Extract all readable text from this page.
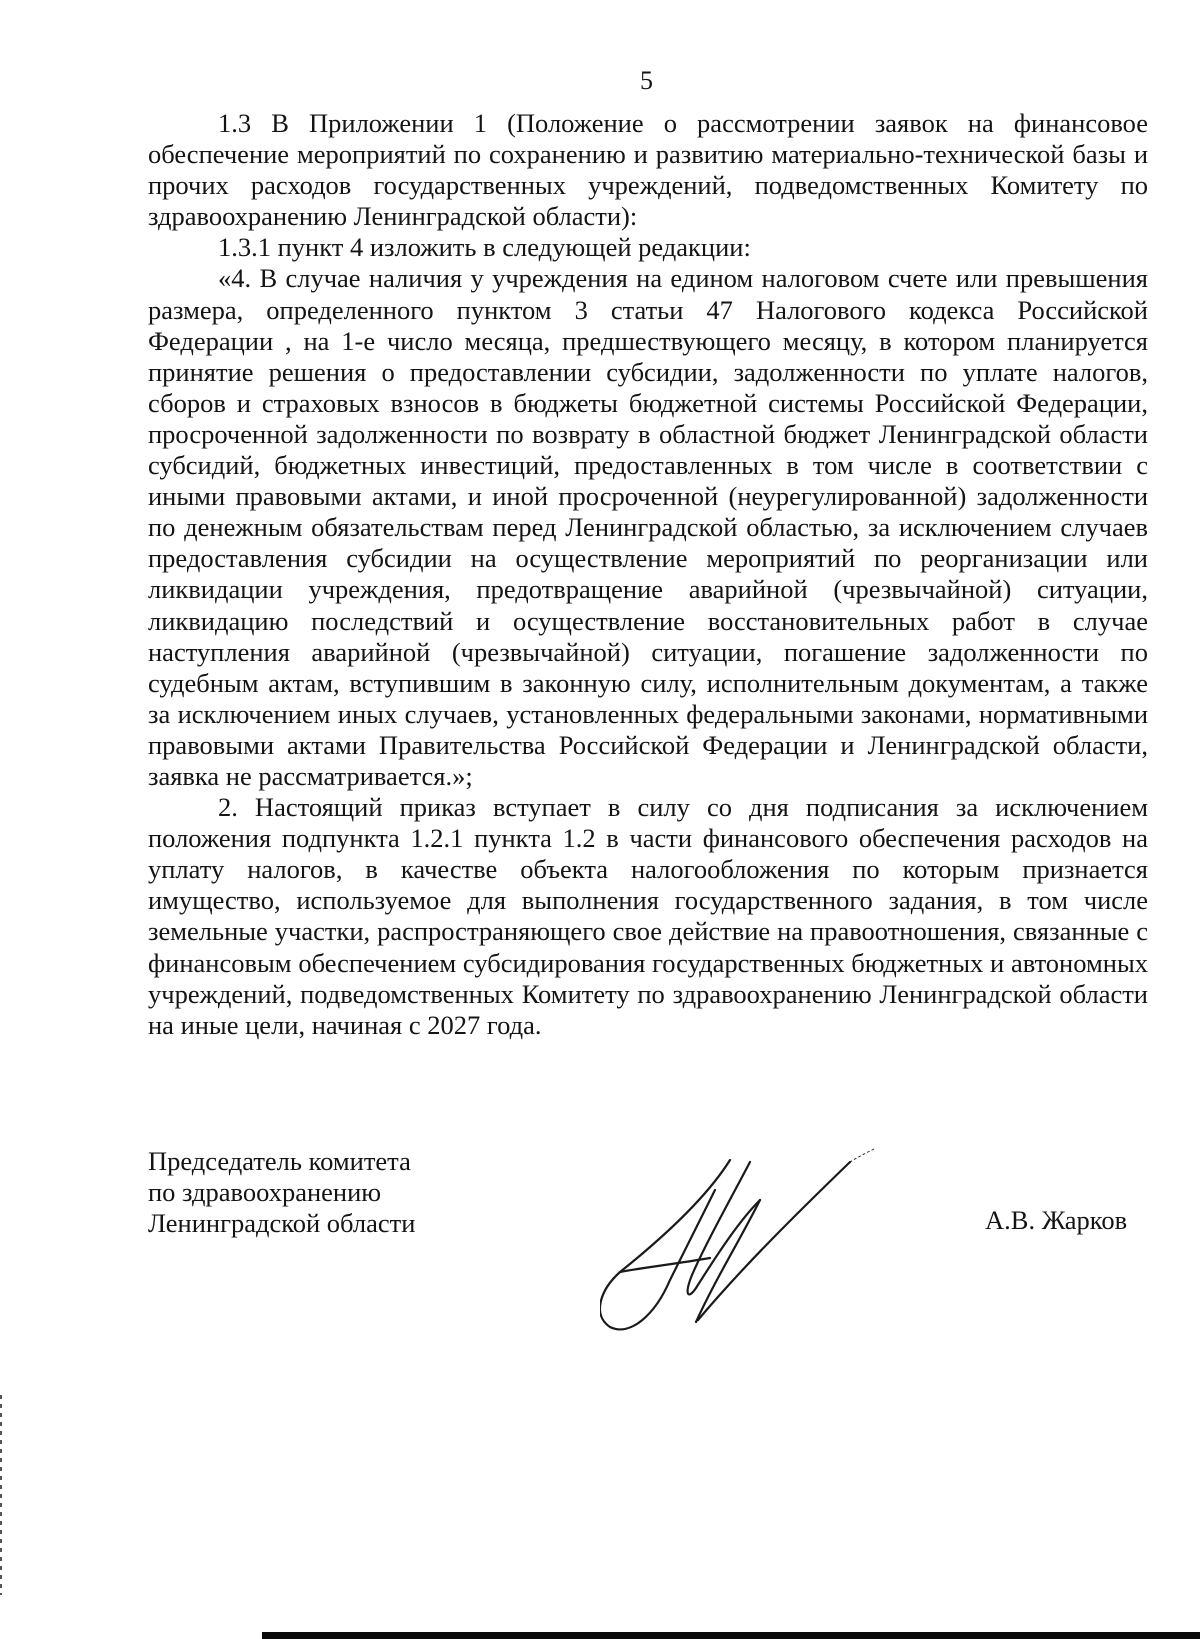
5

1.3 В Приложении 1 (Положение о рассмотрении заявок на финансовое обеспечение мероприятий по сохранению и развитию материально-технической базы и прочих расходов государственных учреждений, подведомственных Комитету по здравоохранению Ленинградской области):

1.3.1 пункт 4 изложить в следующей редакции:

«4. В случае наличия у учреждения на едином налоговом счете или превышения размера, определенного пунктом 3 статьи 47 Налогового кодекса Российской Федерации , на 1-е число месяца, предшествующего месяцу, в котором планируется принятие решения о предоставлении субсидии, задолженности по уплате налогов, сборов и страховых взносов в бюджеты бюджетной системы Российской Федерации, просроченной задолженности по возврату в областной бюджет Ленинградской области субсидий, бюджетных инвестиций, предоставленных в том числе в соответствии с иными правовыми актами, и иной просроченной (неурегулированной) задолженности по денежным обязательствам перед Ленинградской областью, за исключением случаев предоставления субсидии на осуществление мероприятий по реорганизации или ликвидации учреждения, предотвращение аварийной (чрезвычайной) ситуации, ликвидацию последствий и осуществление восстановительных работ в случае наступления аварийной (чрезвычайной) ситуации, погашение задолженности по судебным актам, вступившим в законную силу, исполнительным документам, а также за исключением иных случаев, установленных федеральными законами, нормативными правовыми актами Правительства Российской Федерации и Ленинградской области, заявка не рассматривается.»;

2. Настоящий приказ вступает в силу со дня подписания за исключением положения подпункта 1.2.1 пункта 1.2 в части финансового обеспечения расходов на уплату налогов, в качестве объекта налогообложения по которым признается имущество, используемое для выполнения государственного задания, в том числе земельные участки, распространяющего свое действие на правоотношения, связанные с финансовым обеспечением субсидирования государственных бюджетных и автономных учреждений, подведомственных Комитету по здравоохранению Ленинградской области на иные цели, начиная с 2027 года.

Председатель комитета
по здравоохранению
Ленинградской области	А.В. Жарков
